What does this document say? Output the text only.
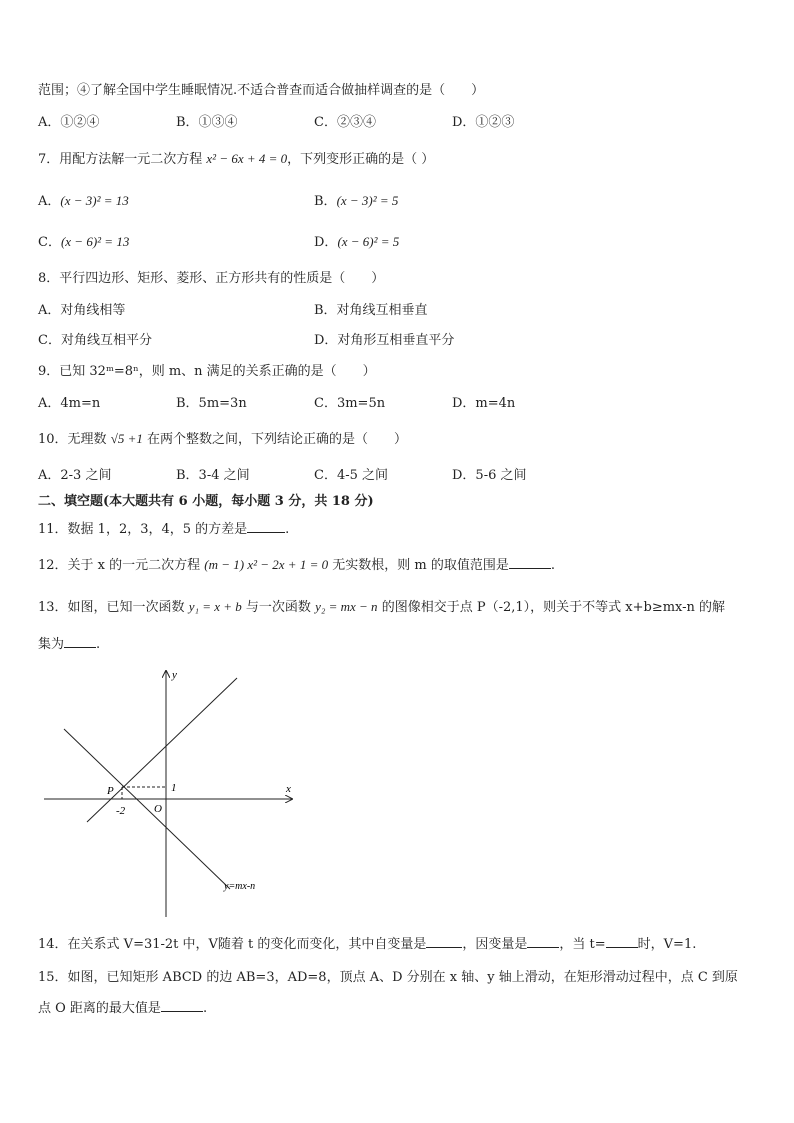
范围；④了解全国中学生睡眠情况.不适合普查而适合做抽样调查的是（　　）
A．①②④	B．①③④	C．②③④	D．①②③
7．用配方法解一元二次方程 x² − 6x + 4 = 0，下列变形正确的是（ ）
A．(x − 3)² = 13	B．(x − 3)² = 5
C．(x − 6)² = 13	D．(x − 6)² = 5
8．平行四边形、矩形、菱形、正方形共有的性质是（　　）
A．对角线相等	B．对角线互相垂直
C．对角线互相平分	D．对角形互相垂直平分
9．已知 32ᵐ=8ⁿ，则 m、n 满足的关系正确的是（　　）
A．4m=n	B．5m=3n	C．3m=5n	D．m=4n
10．无理数 √5 +1 在两个整数之间，下列结论正确的是（　　）
A．2-3 之间	B．3-4 之间	C．4-5 之间	D．5-6 之间
二、填空题(本大题共有 6 小题，每小题 3 分，共 18 分)
11．数据 1，2，3，4，5 的方差是	.
12．关于 x 的一元二次方程 (m − 1) x² − 2x + 1 = 0 无实数根，则 m 的取值范围是	.
13．如图，已知一次函数 y₁ = x + b 与一次函数 y₂ = mx − n 的图像相交于点 P（-2,1），则关于不等式 x+b≥mx-n 的解
集为 .
y
x
O
P
-2
1
y=mx-n
14．在关系式 V=31-2t 中，V随着 t 的变化而变化，其中自变量是	，因变量是 ，当 t= 时，V=1.
15．如图，已知矩形 ABCD 的边 AB=3，AD=8，顶点 A、D 分别在 x 轴、y 轴上滑动，在矩形滑动过程中，点 C 到原
点 O 距离的最大值是	.
